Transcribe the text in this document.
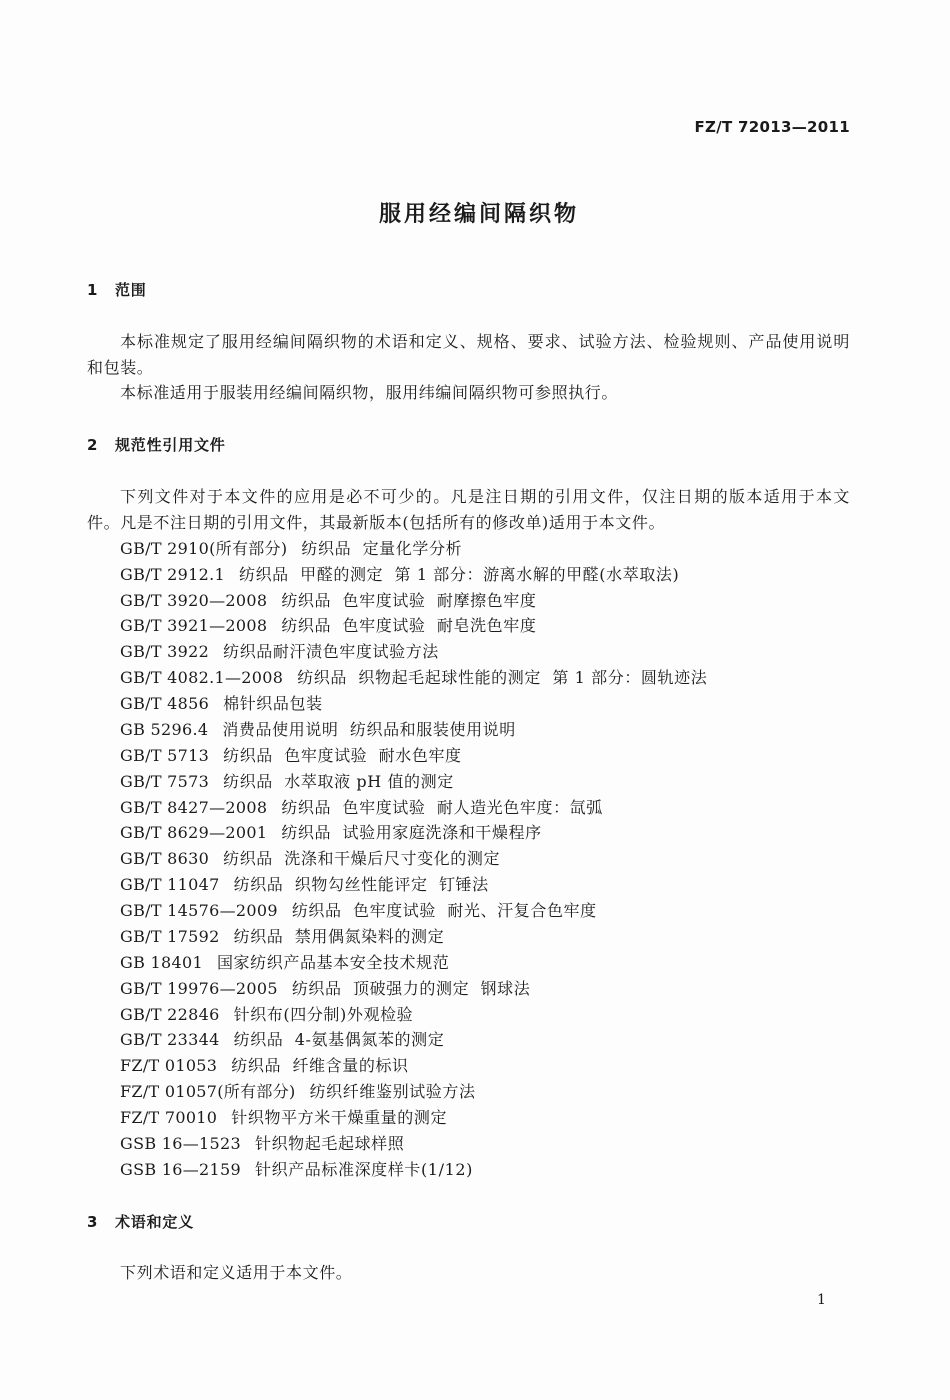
FZ/T 72013—2011
服用经编间隔织物
1 范围

本标准规定了服用经编间隔织物的术语和定义、规格、要求、试验方法、检验规则、产品使用说明和包装。

本标准适用于服装用经编间隔织物，服用纬编间隔织物可参照执行。

2 规范性引用文件

下列文件对于本文件的应用是必不可少的。凡是注日期的引用文件，仅注日期的版本适用于本文件。凡是不注日期的引用文件，其最新版本(包括所有的修改单)适用于本文件。

GB/T 2910(所有部分) 纺织品  定量化学分析
GB/T 2912.1 纺织品  甲醛的测定  第 1 部分：游离水解的甲醛(水萃取法)
GB/T 3920—2008 纺织品  色牢度试验  耐摩擦色牢度
GB/T 3921—2008 纺织品  色牢度试验  耐皂洗色牢度
GB/T 3922 纺织品耐汗渍色牢度试验方法
GB/T 4082.1—2008 纺织品  织物起毛起球性能的测定  第 1 部分：圆轨迹法
GB/T 4856 棉针织品包装
GB 5296.4 消费品使用说明  纺织品和服装使用说明
GB/T 5713 纺织品  色牢度试验  耐水色牢度
GB/T 7573 纺织品  水萃取液 pH 值的测定
GB/T 8427—2008 纺织品  色牢度试验  耐人造光色牢度：氙弧
GB/T 8629—2001 纺织品  试验用家庭洗涤和干燥程序
GB/T 8630 纺织品  洗涤和干燥后尺寸变化的测定
GB/T 11047 纺织品  织物勾丝性能评定  钉锤法
GB/T 14576—2009 纺织品  色牢度试验  耐光、汗复合色牢度
GB/T 17592 纺织品  禁用偶氮染料的测定
GB 18401 国家纺织产品基本安全技术规范
GB/T 19976—2005 纺织品  顶破强力的测定  钢球法
GB/T 22846 针织布(四分制)外观检验
GB/T 23344 纺织品  4-氨基偶氮苯的测定
FZ/T 01053 纺织品  纤维含量的标识
FZ/T 01057(所有部分) 纺织纤维鉴别试验方法
FZ/T 70010 针织物平方米干燥重量的测定
GSB 16—1523 针织物起毛起球样照
GSB 16—2159 针织产品标准深度样卡(1/12)
3 术语和定义

下列术语和定义适用于本文件。

1
